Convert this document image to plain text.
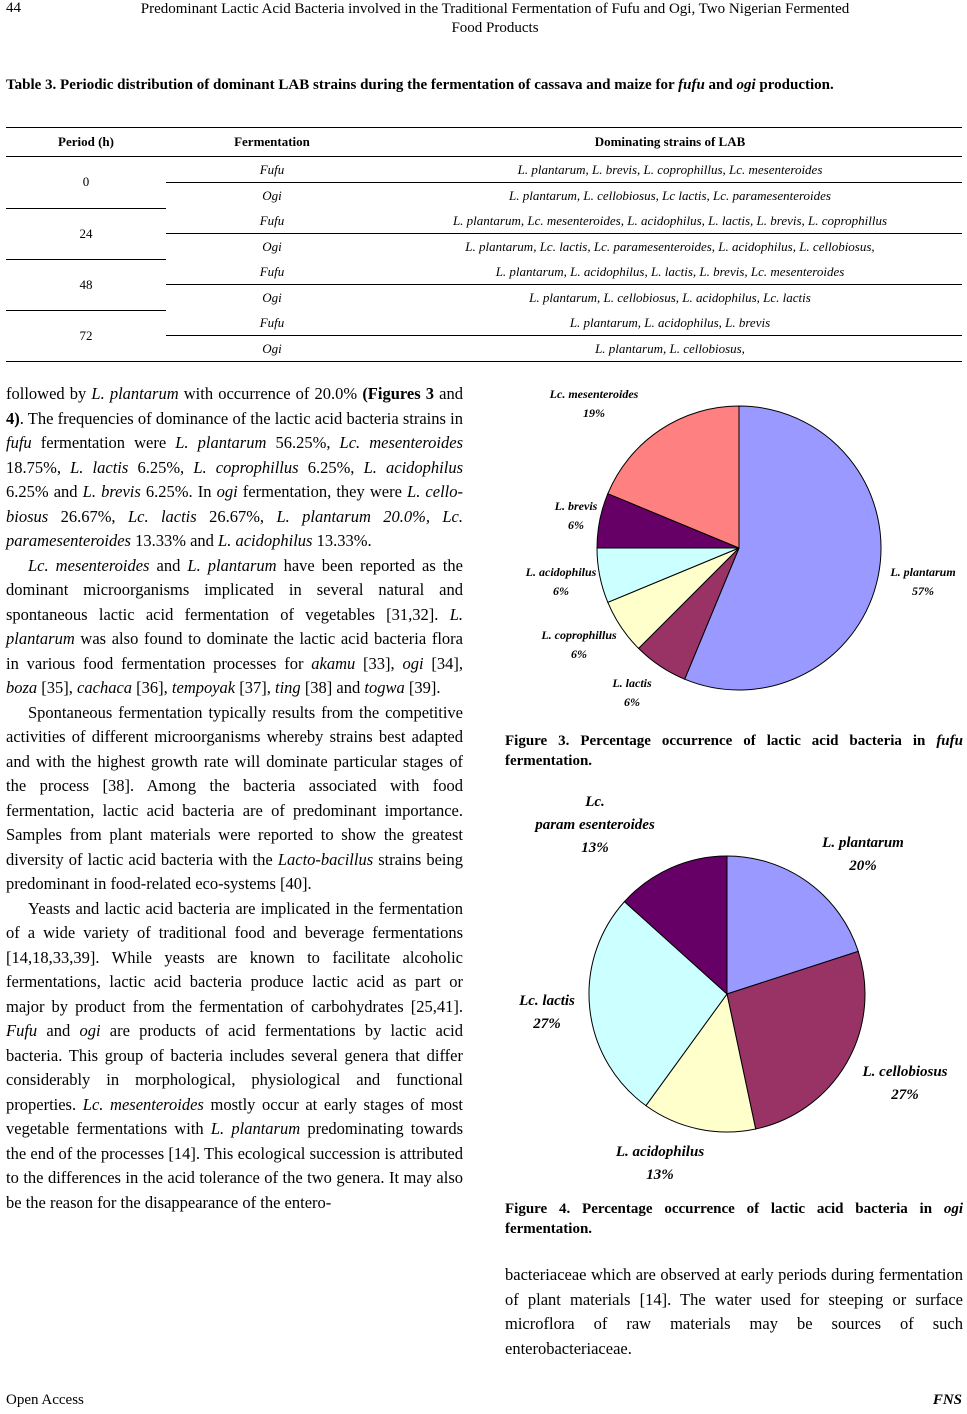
44	Predominant Lactic Acid Bacteria involved in the Traditional Fermentation of Fufu and Ogi, Two Nigerian Fermented
Food Products
Table 3. Periodic distribution of dominant LAB strains during the fermentation of cassava and maize for fufu and ogi production.
Period (h)	Fermentation	Dominating strains of LAB
0	Fufu	L. plantarum, L. brevis, L. coprophillus, Lc. mesenteroides
	Ogi	L. plantarum, L. cellobiosus, Lc lactis, Lc. paramesenteroides
24	Fufu	L. plantarum, Lc. mesenteroides, L. acidophilus, L. lactis, L. brevis, L. coprophillus
	Ogi	L. plantarum, Lc. lactis, Lc. paramesenteroides, L. acidophilus, L. cellobiosus,
48	Fufu	L. plantarum, L. acidophilus, L. lactis, L. brevis, Lc. mesenteroides
	Ogi	L. plantarum, L. cellobiosus, L. acidophilus, Lc. lactis
72	Fufu	L. plantarum, L. acidophilus, L. brevis
	Ogi	L. plantarum, L. cellobiosus,

followed by L. plantarum with occurrence of 20.0% (Figures 3 and 4). The frequencies of dominance of the lactic acid bacteria strains in fufu fermentation were L. plantarum 56.25%, Lc. mesenteroides 18.75%, L. lactis 6.25%, L. coprophillus 6.25%, L. acidophilus 6.25% and L. brevis 6.25%. In ogi fermentation, they were L. cello-biosus 26.67%, Lc. lactis 26.67%, L. plantarum 20.0%, Lc. paramesenteroides 13.33% and L. acidophilus 13.33%.

Lc. mesenteroides and L. plantarum have been reported as the dominant microorganisms implicated in several natural and spontaneous lactic acid fermentation of vegetables [31,32]. L. plantarum was also found to dominate the lactic acid bacteria flora in various food fermentation processes for akamu [33], ogi [34], boza [35], cachaca [36], tempoyak [37], ting [38] and togwa [39].

Spontaneous fermentation typically results from the competitive activities of different microorganisms whereby strains best adapted and with the highest growth rate will dominate particular stages of the process [38]. Among the bacteria associated with food fermentation, lactic acid bacteria are of predominant importance. Samples from plant materials were reported to show the greatest diversity of lactic acid bacteria with the Lacto-bacillus strains being predominant in food-related eco-systems [40].

Yeasts and lactic acid bacteria are implicated in the fermentation of a wide variety of traditional food and beverage fermentations [14,18,33,39]. While yeasts are known to facilitate alcoholic fermentations, lactic acid bacteria produce lactic acid as part or major by product from the fermentation of carbohydrates [25,41]. Fufu and ogi are products of acid fermentations by lactic acid bacteria. This group of bacteria includes several genera that differ considerably in morphological, physiological and functional properties. Lc. mesenteroides mostly occur at early stages of most vegetable fermentations with L. plantarum predominating towards the end of the processes [14]. This ecological succession is attributed to the differences in the acid tolerance of the two genera. It may also be the reason for the disappearance of the entero-

L. plantarum 57%
L. lactis 6%
L. coprophillus 6%
L. acidophilus 6%
L. brevis 6%
Lc. mesenteroides 19%
Figure 3. Percentage occurrence of lactic acid bacteria in fufu fermentation.
L. plantarum 20%
L. cellobiosus 27%
L. acidophilus 13%
Lc. lactis 27%
Lc. param esenteroides 13%
Figure 4. Percentage occurrence of lactic acid bacteria in ogi fermentation.

bacteriaceae which are observed at early periods during fermentation of plant materials [14]. The water used for steeping or surface microflora of raw materials may be sources of such enterobacteriaceae.

Open Access	FNS
